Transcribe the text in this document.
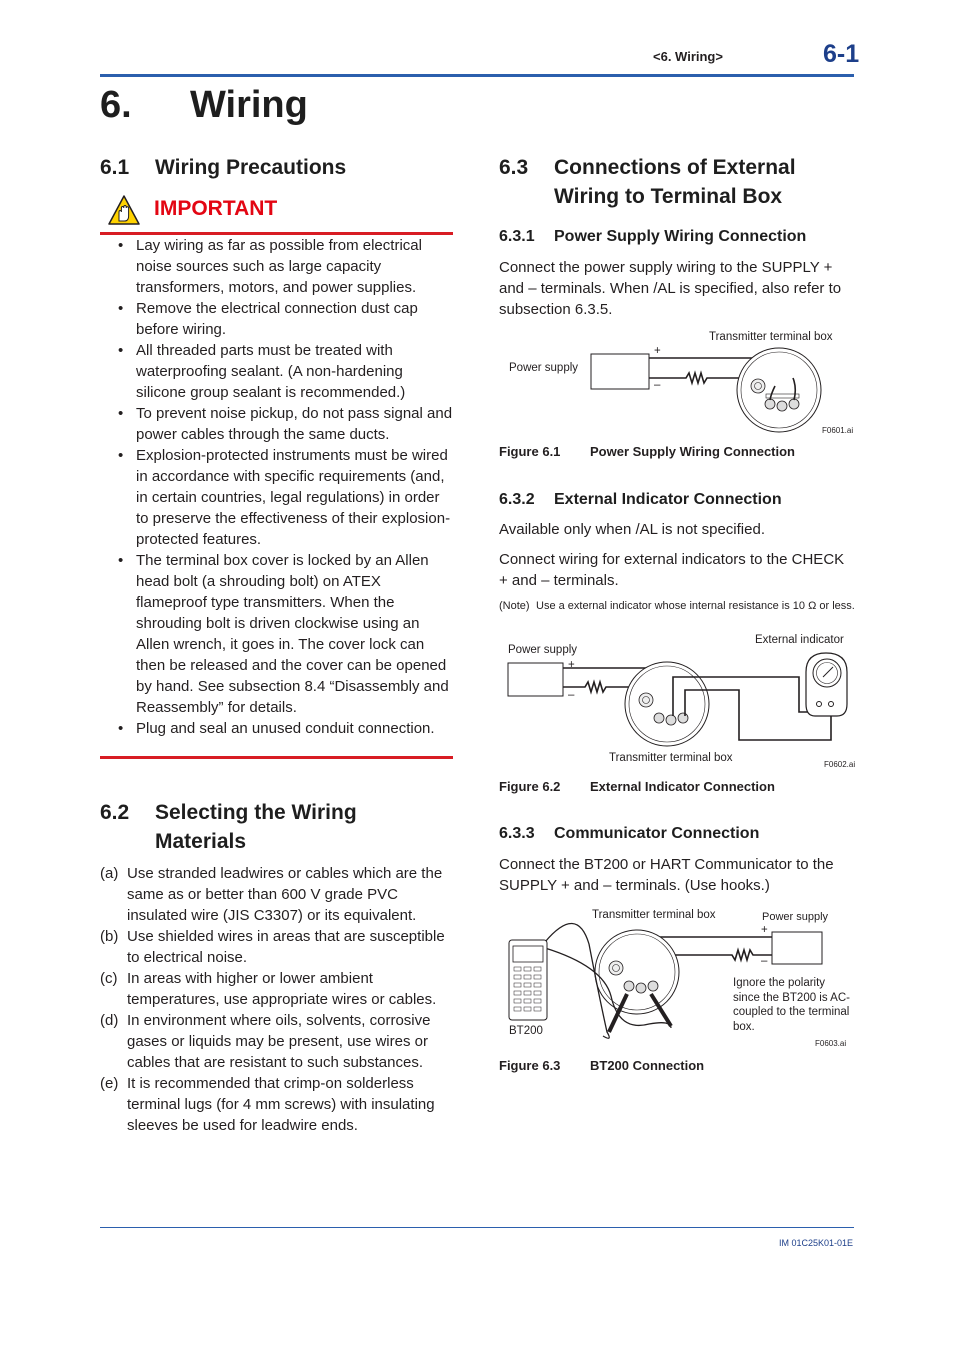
<6. Wiring>	6-1
6. Wiring
6.1 Wiring Precautions
IMPORTANT
• Lay wiring as far as possible from electrical noise sources such as large capacity transformers, motors, and power supplies.
• Remove the electrical connection dust cap before wiring.
• All threaded parts must be treated with waterproofing sealant. (A non-hardening silicone group sealant is recommended.)
• To prevent noise pickup, do not pass signal and power cables through the same ducts.
• Explosion-protected instruments must be wired in accordance with specific requirements (and, in certain countries, legal regulations) in order to preserve the effectiveness of their explosion-protected features.
• The terminal box cover is locked by an Allen head bolt (a shrouding bolt) on ATEX flameproof type transmitters. When the shrouding bolt is driven clockwise using an Allen wrench, it goes in. The cover lock can then be released and the cover can be opened by hand. See subsection 8.4 “Disassembly and Reassembly” for details.
• Plug and seal an unused conduit connection.
6.2 Selecting the Wiring
Materials
(a) Use stranded leadwires or cables which are the same as or better than 600 V grade PVC insulated wire (JIS C3307) or its equivalent.
(b) Use shielded wires in areas that are susceptible to electrical noise.
(c) In areas with higher or lower ambient temperatures, use appropriate wires or cables.
(d) In environment where oils, solvents, corrosive gases or liquids may be present, use wires or cables that are resistant to such substances.
(e) It is recommended that crimp-on solderless terminal lugs (for 4 mm screws) with insulating sleeves be used for leadwire ends.
6.3 Connections of External
Wiring to Terminal Box
6.3.1 Power Supply Wiring Connection

Connect the power supply wiring to the SUPPLY + and – terminals. When /AL is specified, also refer to subsection 6.3.5.

Power supply
Transmitter terminal box
+
–
F0601.ai
Figure 6.1 Power Supply Wiring Connection
6.3.2 External Indicator Connection

Available only when /AL is not specified.

Connect wiring for external indicators to the CHECK + and – terminals.

(Note) Use a external indicator whose internal resistance is 10 Ω or less.
Power supply
External indicator
Transmitter terminal box
+
–
F0602.ai
Figure 6.2 External Indicator Connection
6.3.3 Communicator Connection

Connect the BT200 or HART Communicator to the SUPPLY + and – terminals. (Use hooks.)

Transmitter terminal box	Power supply
+
–
Ignore the polarity since the BT200 is AC-coupled to the terminal box.
BT200
F0603.ai
Figure 6.3 BT200 Connection
IM 01C25K01-01E
